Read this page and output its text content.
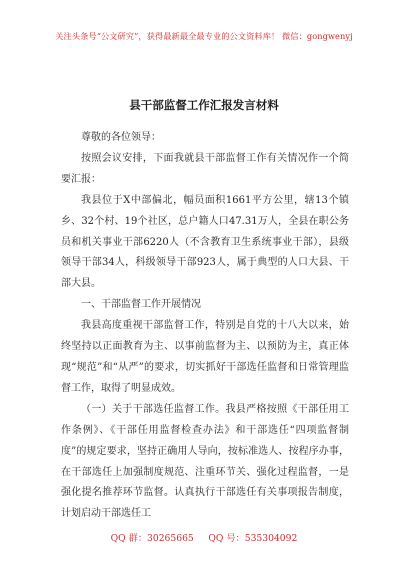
关注头条号“公文研究”，获得最新最全最专业的公文资料库！ 微信：gongwenyj
县干部监督工作汇报发言材料

尊敬的各位领导：

按照会议安排，下面我就县干部监督工作有关情况作一个简要汇报：

我县位于X中部偏北，幅员面积1661平方公里，辖13个镇乡、32个村、19个社区，总户籍人口47.31万人，全县在职公务员和机关事业干部6220人（不含教育卫生系统事业干部），县级领导干部34人，科级领导干部923人，属于典型的人口大县、干部大县。

一、干部监督工作开展情况

我县高度重视干部监督工作，特别是自党的十八大以来，始终坚持以正面教育为主、以事前监督为主、以预防为主，真正体现“规范”和“从严”的要求，切实抓好干部选任监督和日常管理监督工作，取得了明显成效。

（一）关于干部选任监督工作。我县严格按照《干部任用工作条例》、《干部任用监督检查办法》和干部选任“四项监督制度”的规定要求，坚持正确用人导向，按标准选人、按程序办事，在干部选任上加强制度规范、注重环节关、强化过程监督，一是强化提名推荐环节监督。认真执行干部选任有关事项报告制度，计划启动干部选任工

QQ 群：30265665     QQ 号：535304092
